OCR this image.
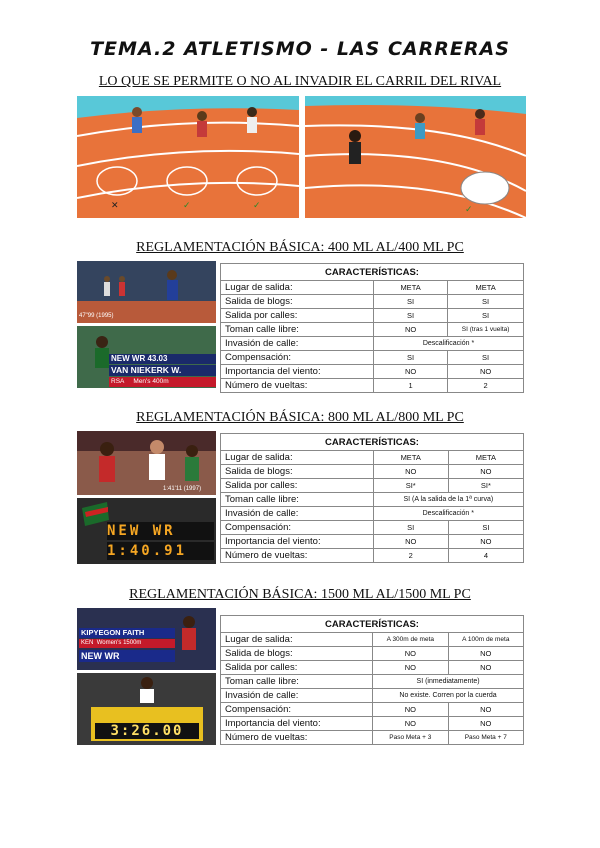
TEMA.2 ATLETISMO - LAS CARRERAS
LO QUE SE PERMITE O NO AL INVADIR EL CARRIL DEL RIVAL
✕	✓	✓	✓
REGLAMENTACIÓN BÁSICA: 400 ML AL/400 ML PC
47"99 (1995)
NEW WR 43.03
VAN NIEKERK W.
RSA Men's 400m
CARACTERÍSTICAS:		
Lugar de salida:	META	META
Salida de blogs:	SI	SI
Salida por calles:	SI	SI
Toman calle libre:	NO	SI (tras 1 vuelta)
Invasión de calle:	Descalificación *	
Compensación:	SI	SI
Importancia del viento:	NO	NO
Número de vueltas:	1	2
REGLAMENTACIÓN BÁSICA: 800 ML AL/800 ML PC
1:41'11 (1997)
NEW WR
1:40.91
CARACTERÍSTICAS:		
Lugar de salida:	META	META
Salida de blogs:	NO	NO
Salida por calles:	SI*	SI*
Toman calle libre:	SI (A la salida de la 1ª curva)	
Invasión de calle:	Descalificación *	
Compensación:	SI	SI
Importancia del viento:	NO	NO
Número de vueltas:	2	4
REGLAMENTACIÓN BÁSICA: 1500 ML AL/1500 ML PC
KIPYEGON FAITH
KEN Women's 1500m
NEW WR
3:26.00
CARACTERÍSTICAS:		
Lugar de salida:	A 300m de meta	A 100m de meta
Salida de blogs:	NO	NO
Salida por calles:	NO	NO
Toman calle libre:	SI (inmediatamente)	
Invasión de calle:	No existe. Corren por la cuerda	
Compensación:	NO	NO
Importancia del viento:	NO	NO
Número de vueltas:	Paso Meta + 3	Paso Meta + 7
